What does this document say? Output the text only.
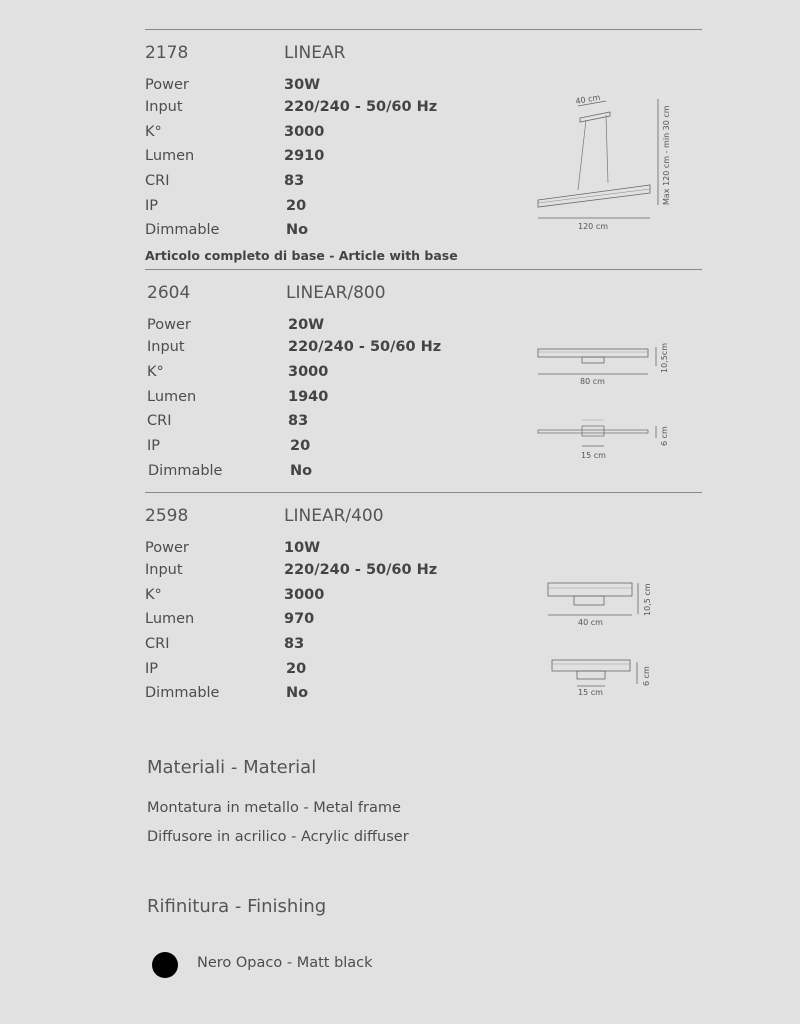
2178	LINEAR
Power	30W
Input	220/240 - 50/60 Hz
K°	3000
Lumen	2910
CRI	83
IP	20
Dimmable	No
Articolo completo di base - Article with base
40 cm
120 cm
Max 120 cm - min 30 cm
2604	LINEAR/800
Power	20W
Input	220/240 - 50/60 Hz
K°	3000
Lumen	1940
CRI	83
IP	20
Dimmable	No
80 cm
10,5cm
15 cm
6 cm
2598	LINEAR/400
Power	10W
Input	220/240 - 50/60 Hz
K°	3000
Lumen	970
CRI	83
IP	20
Dimmable	No
40 cm
10,5 cm
15 cm
6 cm
Materiali - Material
Montatura in metallo - Metal frame
Diffusore in acrilico - Acrylic diffuser
Rifinitura - Finishing
Nero Opaco - Matt black
